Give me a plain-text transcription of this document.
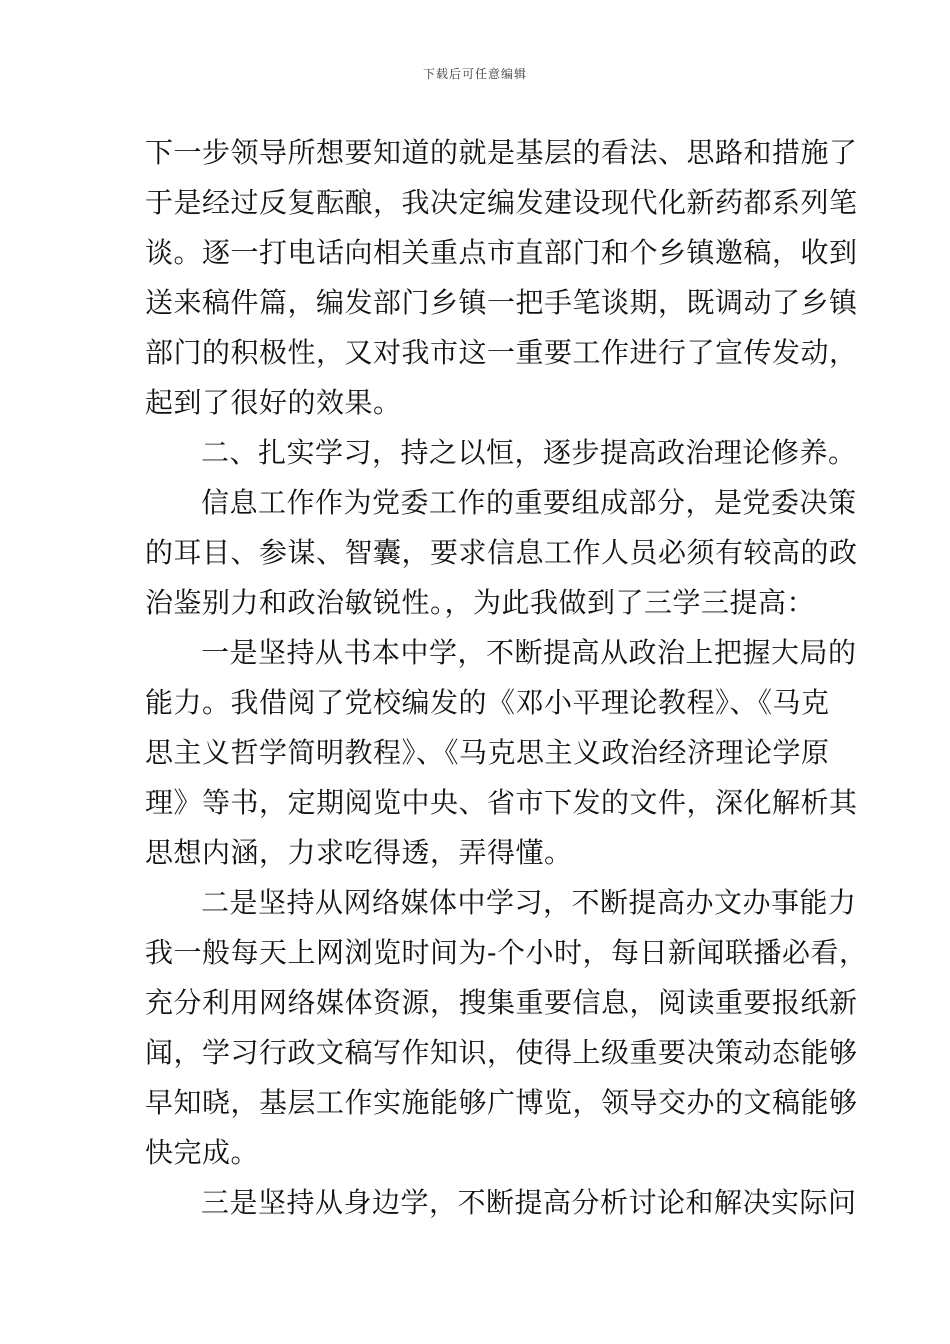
下载后可任意编辑
下一步领导所想要知道的就是基层的看法、思路和措施了
于是经过反复酝酿，我决定编发建设现代化新药都系列笔
谈。逐一打电话向相关重点市直部门和个乡镇邀稿，收到
送来稿件篇，编发部门乡镇一把手笔谈期，既调动了乡镇
部门的积极性，又对我市这一重要工作进行了宣传发动，
起到了很好的效果。
二、扎实学习，持之以恒，逐步提高政治理论修养。
信息工作作为党委工作的重要组成部分，是党委决策
的耳目、参谋、智囊，要求信息工作人员必须有较高的政
治鉴别力和政治敏锐性。，为此我做到了三学三提高：
一是坚持从书本中学，不断提高从政治上把握大局的
能力。我借阅了党校编发的《邓小平理论教程》、《马克
思主义哲学简明教程》、《马克思主义政治经济理论学原
理》等书，定期阅览中央、省市下发的文件，深化解析其
思想内涵，力求吃得透，弄得懂。
二是坚持从网络媒体中学习，不断提高办文办事能力
我一般每天上网浏览时间为-个小时，每日新闻联播必看，
充分利用网络媒体资源，搜集重要信息，阅读重要报纸新
闻，学习行政文稿写作知识，使得上级重要决策动态能够
早知晓，基层工作实施能够广博览，领导交办的文稿能够
快完成。
三是坚持从身边学，不断提高分析讨论和解决实际问
